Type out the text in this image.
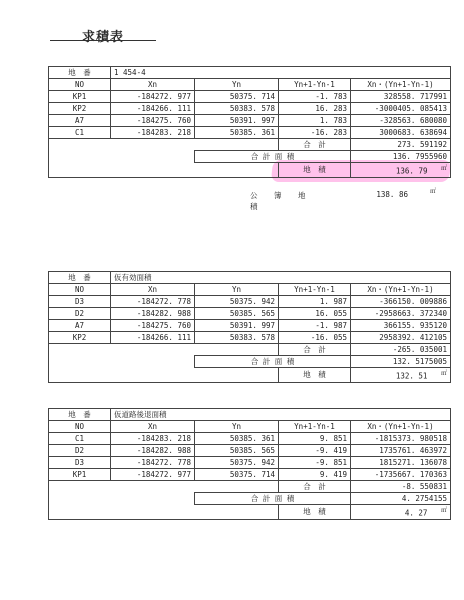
求積表
地　番	1 454-4			
NO	Xn	Yn	Yn+1-Yn-1	Xn・(Yn+1-Yn-1)
KP1	-184272. 977	50375. 714	-1. 783	328558. 717991
KP2	-184266. 111	50383. 578	16. 283	-3000405. 085413
A7	-184275. 760	50391. 997	1. 783	-328563. 680080
C1	-184283. 218	50385. 361	-16. 283	3000683. 638694
			合　計	273. 591192
		合 計 面 積		136. 7955960
			地　積	136. 79 ㎡
公 簿 地 積
138. 86	㎡
地　番	仮有効面積			
NO	Xn	Yn	Yn+1-Yn-1	Xn・(Yn+1-Yn-1)
D3	-184272. 778	50375. 942	1. 987	-366150. 009886
D2	-184282. 988	50385. 565	16. 055	-2958663. 372340
A7	-184275. 760	50391. 997	-1. 987	366155. 935120
KP2	-184266. 111	50383. 578	-16. 055	2958392. 412105
			合　計	-265. 035001
		合 計 面 積		132. 5175005
			地　積	132. 51 ㎡
地　番	仮道路後退面積			
NO	Xn	Yn	Yn+1-Yn-1	Xn・(Yn+1-Yn-1)
C1	-184283. 218	50385. 361	9. 851	-1815373. 980518
D2	-184282. 988	50385. 565	-9. 419	1735761. 463972
D3	-184272. 778	50375. 942	-9. 851	1815271. 136078
KP1	-184272. 977	50375. 714	9. 419	-1735667. 170363
			合　計	-8. 550831
		合 計 面 積		4. 2754155
			地　積	4. 27 ㎡
